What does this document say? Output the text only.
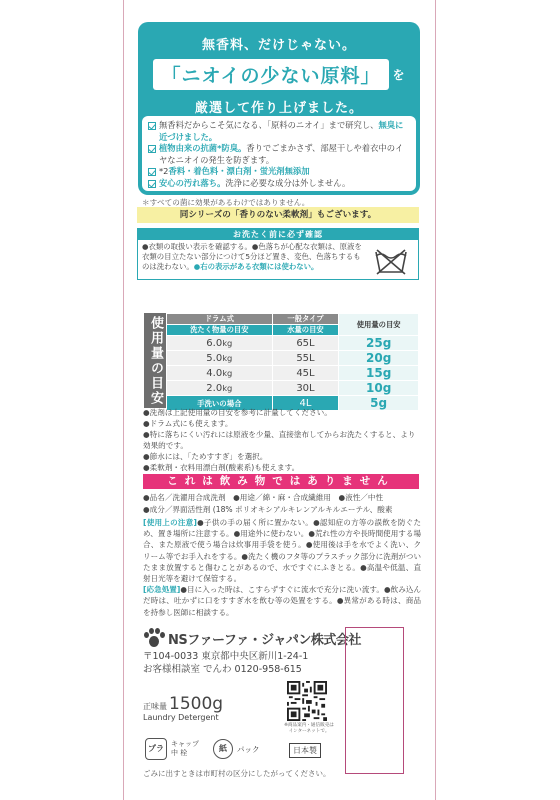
無香料、だけじゃない。
「ニオイの少ない原料」	を
厳選して作り上げました。
無香料だからこそ気になる、「原料のニオイ」まで研究し、無臭に近づけました。
植物由来の抗菌*防臭。香りでごまかさず、部屋干しや着衣中のイヤなニオイの発生を防ぎます。
*2香料・着色料・漂白剤・蛍光剤無添加
安心の汚れ落ち。洗浄に必要な成分は外しません。
＊すべての菌に効果があるわけではありません。
同シリーズの「香りのない柔軟剤」もございます。
お洗たく前に必ず確認
●衣類の取扱い表示を確認する。●色落ちが心配な衣類は、原液を衣類の目立たない部分につけて5分ほど置き、変色、色落ちするものは洗わない。●右の表示がある衣類には使わない。
使用量の目安	ドラム式	一般タイプ	使用量の目安
洗たく物量の目安	水量の目安	
6.0kg	65L	25g
5.0kg	55L	20g
4.0kg	45L	15g
2.0kg	30L	10g
手洗いの場合	4L	5g
●洗剤は上記使用量の目安を参考に計量してください。
●ドラム式にも使えます。
●特に落ちにくい汚れには原液を少量、直接塗布してからお洗たくすると、より効果的です。
●節水には、「ためすすぎ」を選択。
●柔軟剤・衣料用漂白剤(酸素系)も使えます。
これは飲み物ではありません
●品名／洗濯用合成洗剤　●用途／綿・麻・合成繊維用　●液性／中性
●成分／界面活性剤 (18% ポリオキシアルキレンアルキルエーテル、酸素
[使用上の注意]●子供の手の届く所に置かない。●認知症の方等の誤飲を防ぐため、置き場所に注意する。●用途外に使わない。●荒れ性の方や長時間使用する場合、また原液で使う場合は炊事用手袋を使う。●使用後は手を水でよく洗い、クリーム等でお手入れをする。●洗たく機のフタ等のプラスチック部分に洗剤がついたまま放置すると傷むことがあるので、水ですぐにふきとる。●高温や低温、直射日光等を避けて保管する。
[応急処置]●目に入った時は、こすらずすぐに流水で充分に洗い流す。●飲み込んだ時は、吐かずに口をすすぎ水を飲む等の処置をする。●異常がある時は、商品を持参し医師に相談する。
NSファーファ・ジャパン株式会社
〒104-0033 東京都中央区新川1-24-1
お客様相談室 でんわ 0120-958-615
正味量 1500g
Laundry Detergent
※商品案内・通信販売はインターネットで。
プラ	キャップ
中 栓	紙	パック	日本製
ごみに出すときは市町村の区分にしたがってください。
